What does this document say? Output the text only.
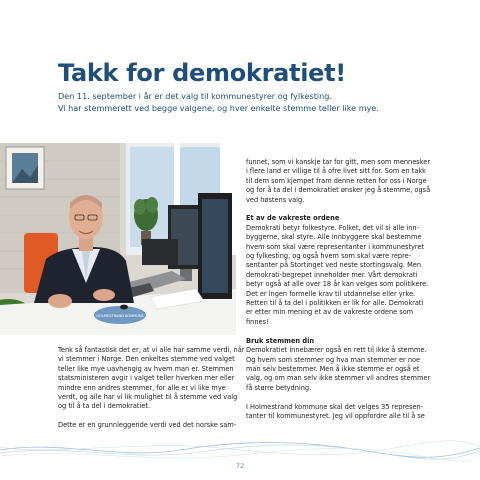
Takk for demokratiet!
Den 11. september i år er det valg til kommunestyrer og fylkesting.
Vi har stemmerett ved begge valgene, og hver enkelte stemme teller like mye.
HOLMESTRAND KOMMUNE
Tenk så fantastisk det er, at vi alle har samme verdi, når
vi stemmer i Norge. Den enkeltes stemme ved valget
teller like mye uavhengig av hvem man er. Stemmen
statsministeren avgir i valget teller hverken mer eller
mindre enn andres stemmer, for alle er vi like mye
verdt, og alle har vi lik mulighet til å stemme ved valg
og til å ta del i demokratiet.
Dette er en grunnleggende verdi ved det norske sam-
funnet, som vi kanskje tar for gitt, men som mennesker
i flere land er villige til å ofre livet sitt for. Som en takk
til dem som kjempet fram denne retten for oss i Norge
og for å ta del i demokratiet ønsker jeg å stemme, også
ved høstens valg.
Et av de vakreste ordene
Demokrati betyr folkestyre. Folket, det vil si alle inn-
byggerne, skal styre. Alle innbyggere skal bestemme
hvem som skal være representanter i kommunestyret
og fylkesting, og også hvem som skal være repre-
sentanter på Stortinget ved neste stortingsvalg. Men
demokrati-begrepet inneholder mer. Vårt demokrati
betyr også at alle over 18 år kan velges som politikere.
Det er ingen formelle krav til utdannelse eller yrke.
Retten til å ta del i politikken er lik for alle. Demokrati
er etter min mening et av de vakreste ordene som
finnes!
Bruk stemmen din
Demokratiet innebærer også en rett til ikke å stemme.
Og hvem som stemmer og hva man stemmer er noe
man selv bestemmer. Men å ikke stemme er også et
valg, og om man selv ikke stemmer vil andres stemmer
få større betydning.
I Holmestrand kommune skal det velges 35 represen-
tanter til kommunestyret. Jeg vil oppfordre alle til å se
72
